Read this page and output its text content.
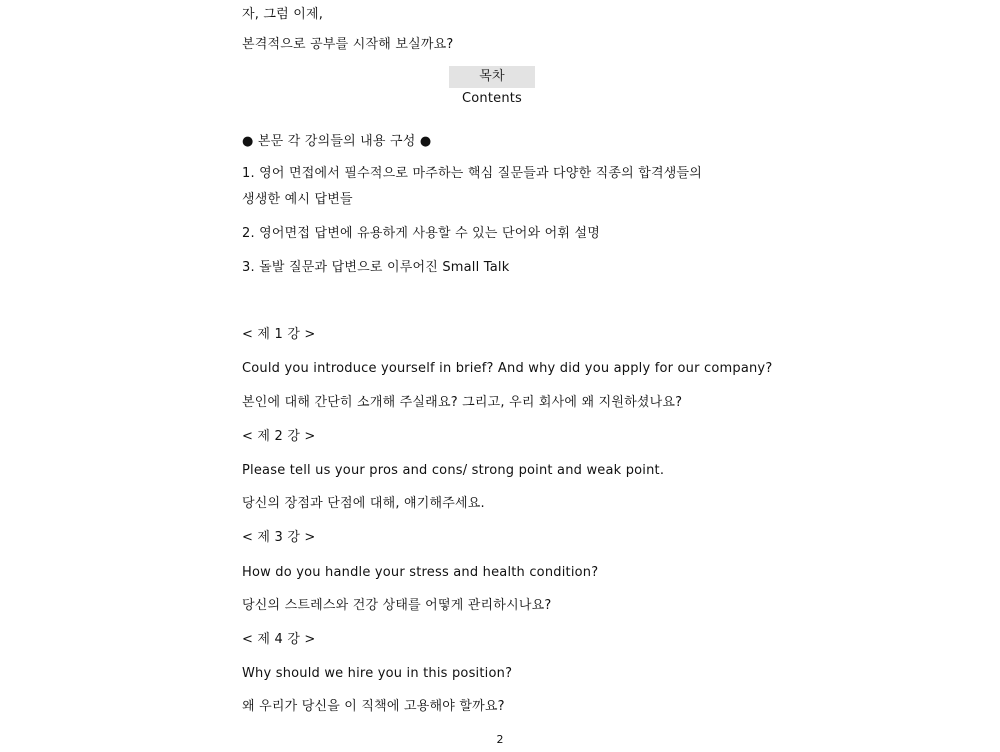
자, 그럼 이제,
본격적으로 공부를 시작해 보실까요?
목차 Contents
● 본문 각 강의들의 내용 구성 ●
1. 영어 면접에서 필수적으로 마주하는 핵심 질문들과 다양한 직종의 합격생들의
생생한 예시 답변들
2. 영어면접 답변에 유용하게 사용할 수 있는 단어와 어휘 설명
3. 돌발 질문과 답변으로 이루어진 Small Talk
< 제 1 강 >
Could you introduce yourself in brief? And why did you apply for our company?
본인에 대해 간단히 소개해 주실래요? 그리고, 우리 회사에 왜 지원하셨나요?
< 제 2 강 >
Please tell us your pros and cons/ strong point and weak point.
당신의 장점과 단점에 대해, 얘기해주세요.
< 제 3 강 >
How do you handle your stress and health condition?
당신의 스트레스와 건강 상태를 어떻게 관리하시나요?
< 제 4 강 >
Why should we hire you in this position?
왜 우리가 당신을 이 직책에 고용해야 할까요?
2
